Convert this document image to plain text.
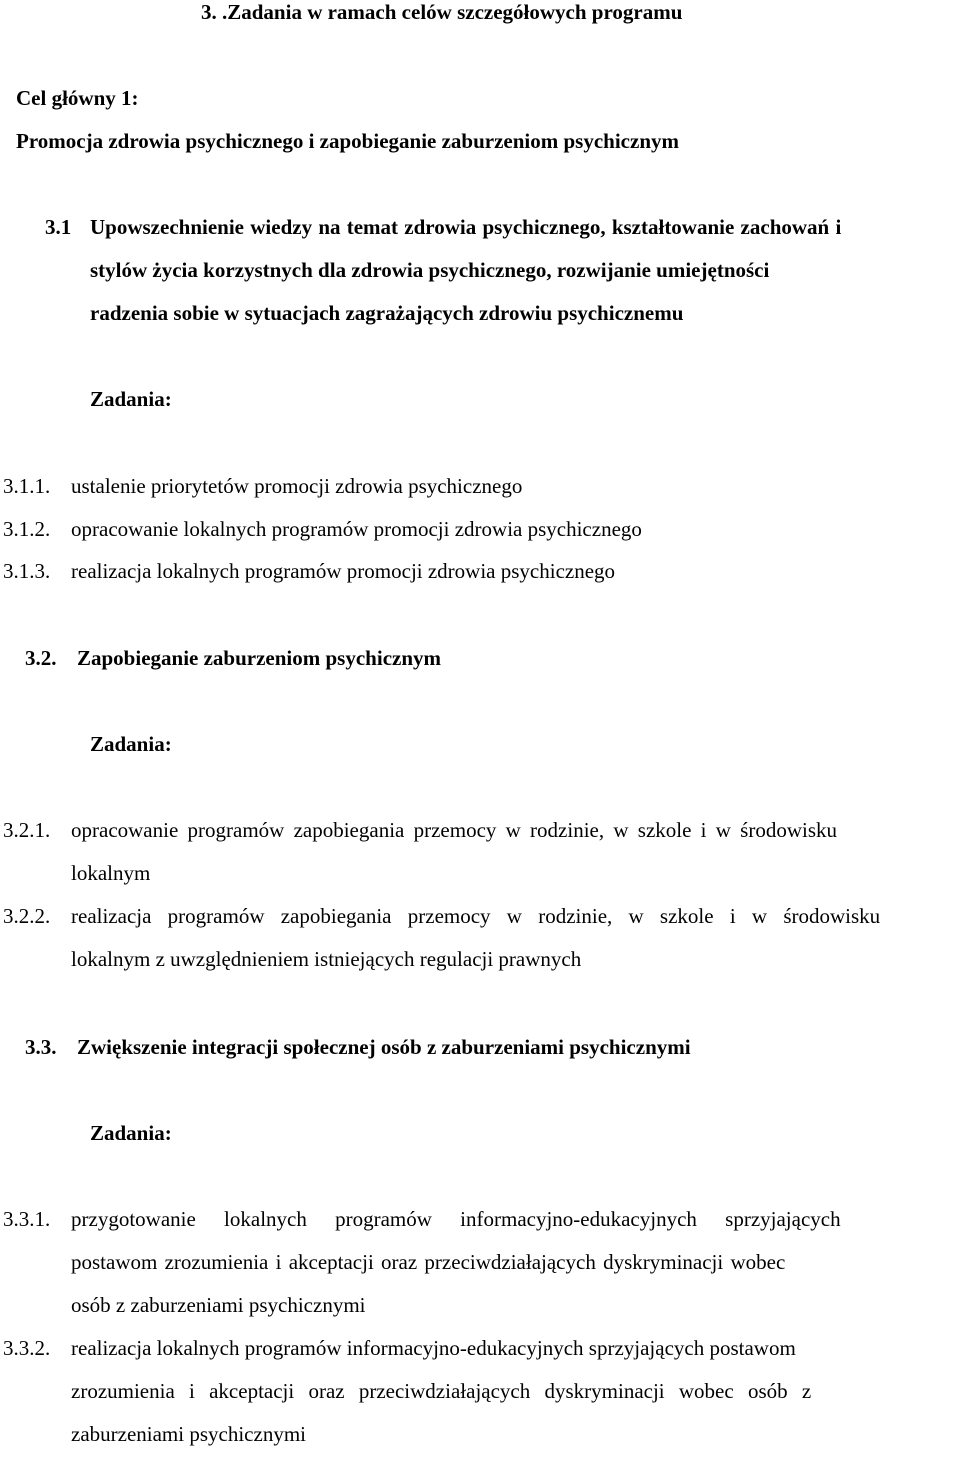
3. .Zadania w ramach celów szczegółowych programu
Cel główny 1:
Promocja zdrowia psychicznego i zapobieganie zaburzeniom psychicznym
3.1 Upowszechnienie wiedzy na temat zdrowia psychicznego, kształtowanie zachowań i
stylów życia korzystnych dla zdrowia psychicznego, rozwijanie umiejętności
radzenia sobie w sytuacjach zagrażających zdrowiu psychicznemu
Zadania:
3.1.1. ustalenie priorytetów promocji zdrowia psychicznego
3.1.2. opracowanie lokalnych programów promocji zdrowia psychicznego
3.1.3. realizacja lokalnych programów promocji zdrowia psychicznego
3.2. Zapobieganie zaburzeniom psychicznym
Zadania:
3.2.1. opracowanie programów zapobiegania przemocy w rodzinie, w szkole i w środowisku
lokalnym
3.2.2. realizacja programów zapobiegania przemocy w rodzinie, w szkole i w środowisku
lokalnym z uwzględnieniem istniejących regulacji prawnych
3.3. Zwiększenie integracji społecznej osób z zaburzeniami psychicznymi
Zadania:
3.3.1. przygotowanie lokalnych programów informacyjno-edukacyjnych sprzyjających
postawom zrozumienia i akceptacji oraz przeciwdziałających dyskryminacji wobec
osób z zaburzeniami psychicznymi
3.3.2. realizacja lokalnych programów informacyjno-edukacyjnych sprzyjających postawom
zrozumienia i akceptacji oraz przeciwdziałających dyskryminacji wobec osób z
zaburzeniami psychicznymi
